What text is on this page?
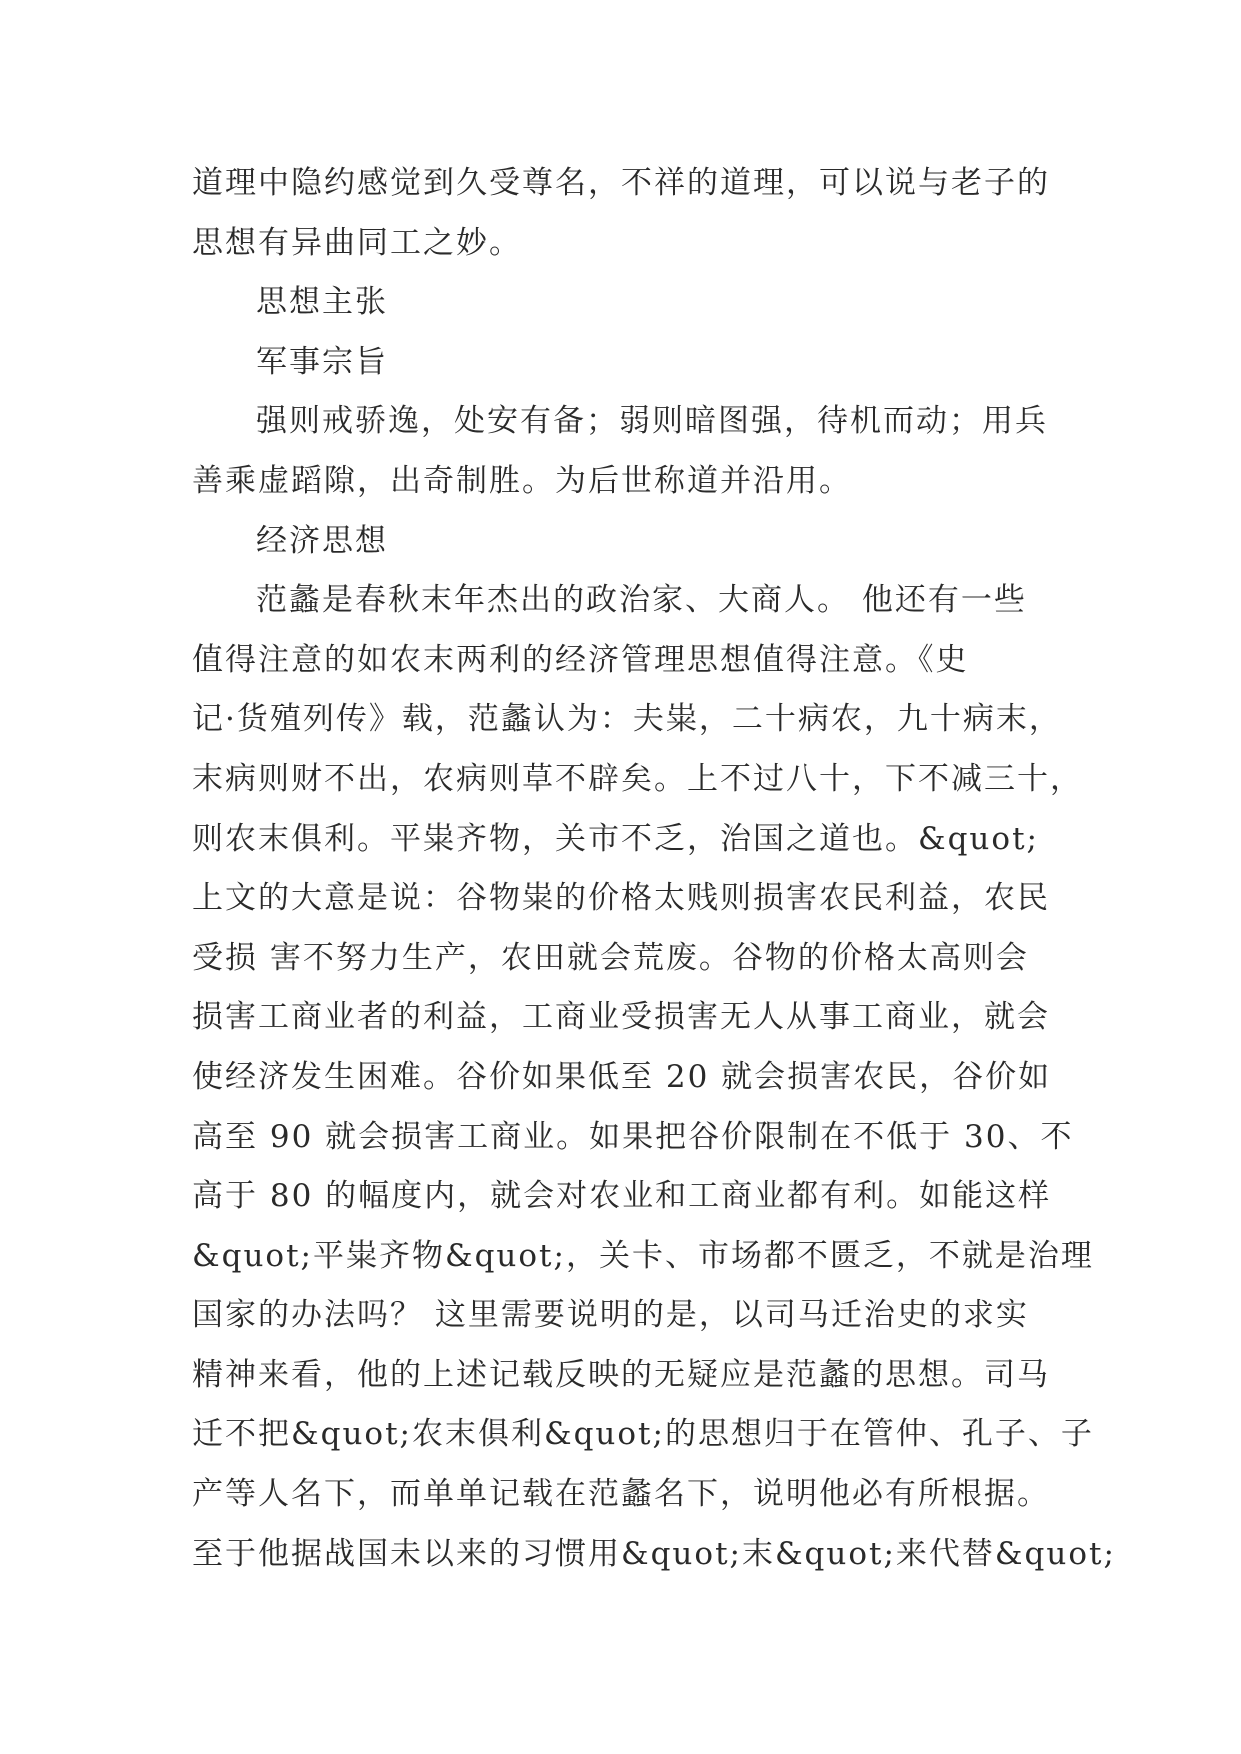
道理中隐约感觉到久受尊名，不祥的道理，可以说与老子的
思想有异曲同工之妙。
思想主张
军事宗旨
强则戒骄逸，处安有备；弱则暗图强，待机而动；用兵
善乘虚蹈隙，出奇制胜。为后世称道并沿用。
经济思想
范蠡是春秋末年杰出的政治家、大商人。 他还有一些
值得注意的如农末两利的经济管理思想值得注意。《史
记·货殖列传》载，范蠡认为：夫粜，二十病农，九十病末，
末病则财不出，农病则草不辟矣。上不过八十，下不减三十，
则农末俱利。平粜齐物，关市不乏，治国之道也。&quot;
上文的大意是说：谷物粜的价格太贱则损害农民利益，农民
受损 害不努力生产，农田就会荒废。谷物的价格太高则会
损害工商业者的利益，工商业受损害无人从事工商业，就会
使经济发生困难。谷价如果低至 20 就会损害农民，谷价如
高至 90 就会损害工商业。如果把谷价限制在不低于 30、不
高于 80 的幅度内，就会对农业和工商业都有利。如能这样
&quot;平粜齐物&quot;，关卡、市场都不匮乏，不就是治理
国家的办法吗？ 这里需要说明的是，以司马迁治史的求实
精神来看，他的上述记载反映的无疑应是范蠡的思想。司马
迁不把&quot;农末俱利&quot;的思想归于在管仲、孔子、子
产等人名下，而单单记载在范蠡名下，说明他必有所根据。
至于他据战国未以来的习惯用&quot;末&quot;来代替&quot;
